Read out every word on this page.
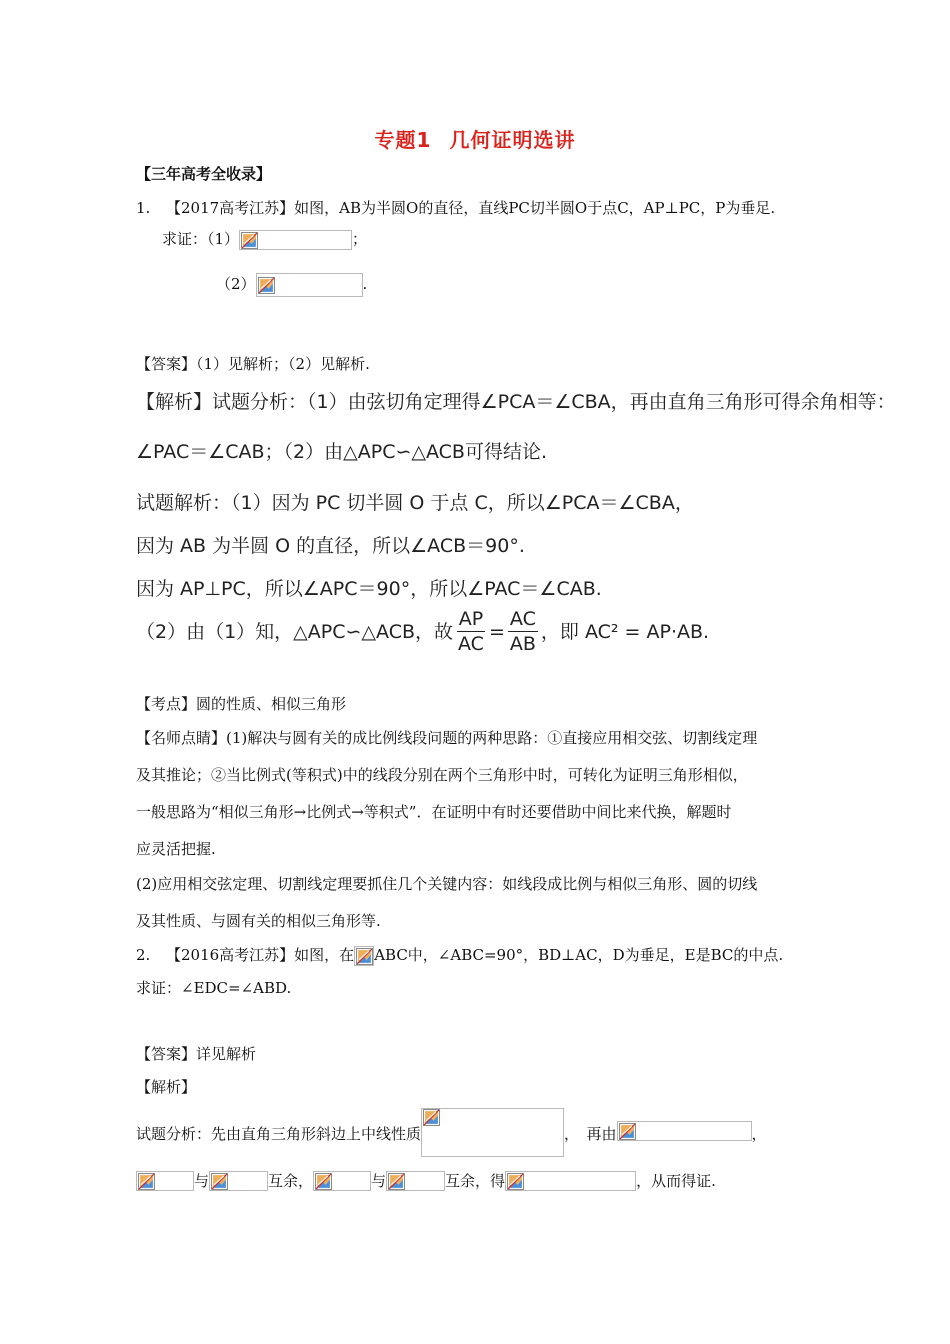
专题1 几何证明选讲
【三年高考全收录】
1. 【2017高考江苏】如图，AB为半圆O的直径，直线PC切半圆O于点C，AP⊥PC，P为垂足.
求证：（1）	；
（2）	.
【答案】（1）见解析；（2）见解析.
【解析】试题分析：（1）由弦切角定理得∠PCA＝∠CBA，再由直角三角形可得余角相等：
∠PAC＝∠CAB；（2）由△APC∽△ACB可得结论.
试题解析：（1）因为 PC 切半圆 O 于点 C，所以∠PCA＝∠CBA，
因为 AB 为半圆 O 的直径，所以∠ACB＝90°.
因为 AP⊥PC，所以∠APC＝90°，所以∠PAC＝∠CAB.
（2）由（1）知，△APC∽△ACB，故 $\frac{AP}{AC} = \frac{AC}{AB}$ ，即 AC² = AP·AB.
【考点】圆的性质、相似三角形
【名师点睛】(1)解决与圆有关的成比例线段问题的两种思路：①直接应用相交弦、切割线定理
及其推论；②当比例式(等积式)中的线段分别在两个三角形中时，可转化为证明三角形相似，
一般思路为“相似三角形→比例式→等积式”．在证明中有时还要借助中间比来代换，解题时
应灵活把握.
(2)应用相交弦定理、切割线定理要抓住几个关键内容：如线段成比例与相似三角形、圆的切线
及其性质、与圆有关的相似三角形等.
2. 【2016高考江苏】如图，在 ABC中，∠ABC=90°，BD⊥AC，D为垂足，E是BC的中点.
求证：∠EDC=∠ABD.
【答案】详见解析
【解析】
试题分析：先由直角三角形斜边上中线性质	，　再由	，
与	互余，	与	互余，得	，从而得证.
